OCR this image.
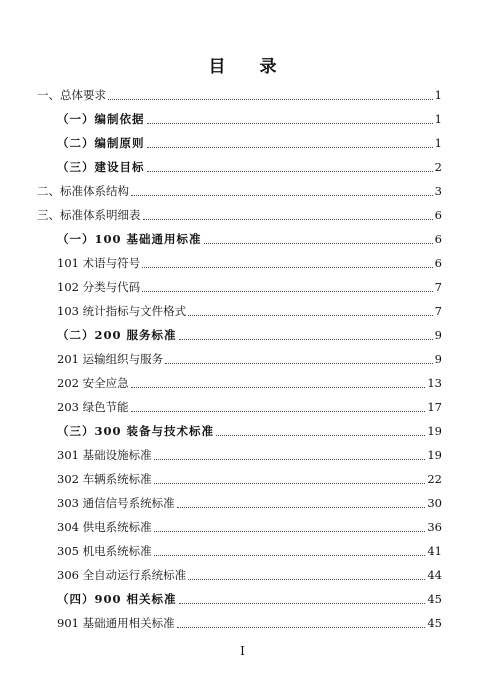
目 录
一、总体要求	1
（一）编制依据	1
（二）编制原则	1
（三）建设目标	2
二、标准体系结构	3
三、标准体系明细表	6
（一）100 基础通用标准	6
101 术语与符号	6
102 分类与代码	7
103 统计指标与文件格式	7
（二）200 服务标准	9
201 运输组织与服务	9
202 安全应急	13
203 绿色节能	17
（三）300 装备与技术标准	19
301 基础设施标准	19
302 车辆系统标准	22
303 通信信号系统标准	30
304 供电系统标准	36
305 机电系统标准	41
306 全自动运行系统标准	44
（四）900 相关标准	45
901 基础通用相关标准	45
I
